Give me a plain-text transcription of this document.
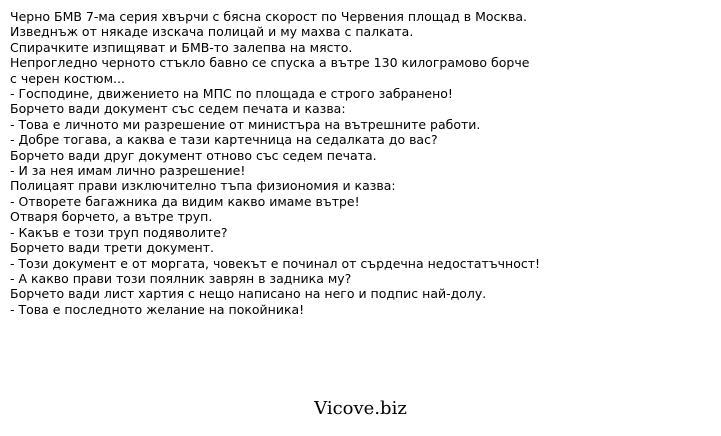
Черно БМВ 7-ма серия хвърчи с бясна скорост по Червения площад в Москва.
Изведнъж от някаде изскача полицай и му махва с палката.
Спирачките изпищяват и БМВ-то залепва на място.
Непрогледно черното стъкло бавно се спуска а вътре 130 килограмово борче
с черен костюм...
- Господине, движението на МПС по площада е строго забранено!
Борчето вади документ със седем печата и казва:
- Това е личното ми разрешение от министъра на вътрешните работи.
- Добре тогава, а каква е тази картечница на седалката до вас?
Борчето вади друг документ отново със седем печата.
- И за нея имам лично разрешение!
Полицаят прави изключително тъпа физиономия и казва:
- Отворете багажника да видим какво имаме вътре!
Отваря борчето, а вътре труп.
- Какъв е този труп подяволите?
Борчето вади трети документ.
- Този документ е от моргата, човекът е починал от сърдечна недостатъчност!
- А какво прави този поялник заврян в задника му?
Борчето вади лист хартия с нещо написано на него и подпис най-долу.
- Това е последното желание на покойника!
Vicove.biz
